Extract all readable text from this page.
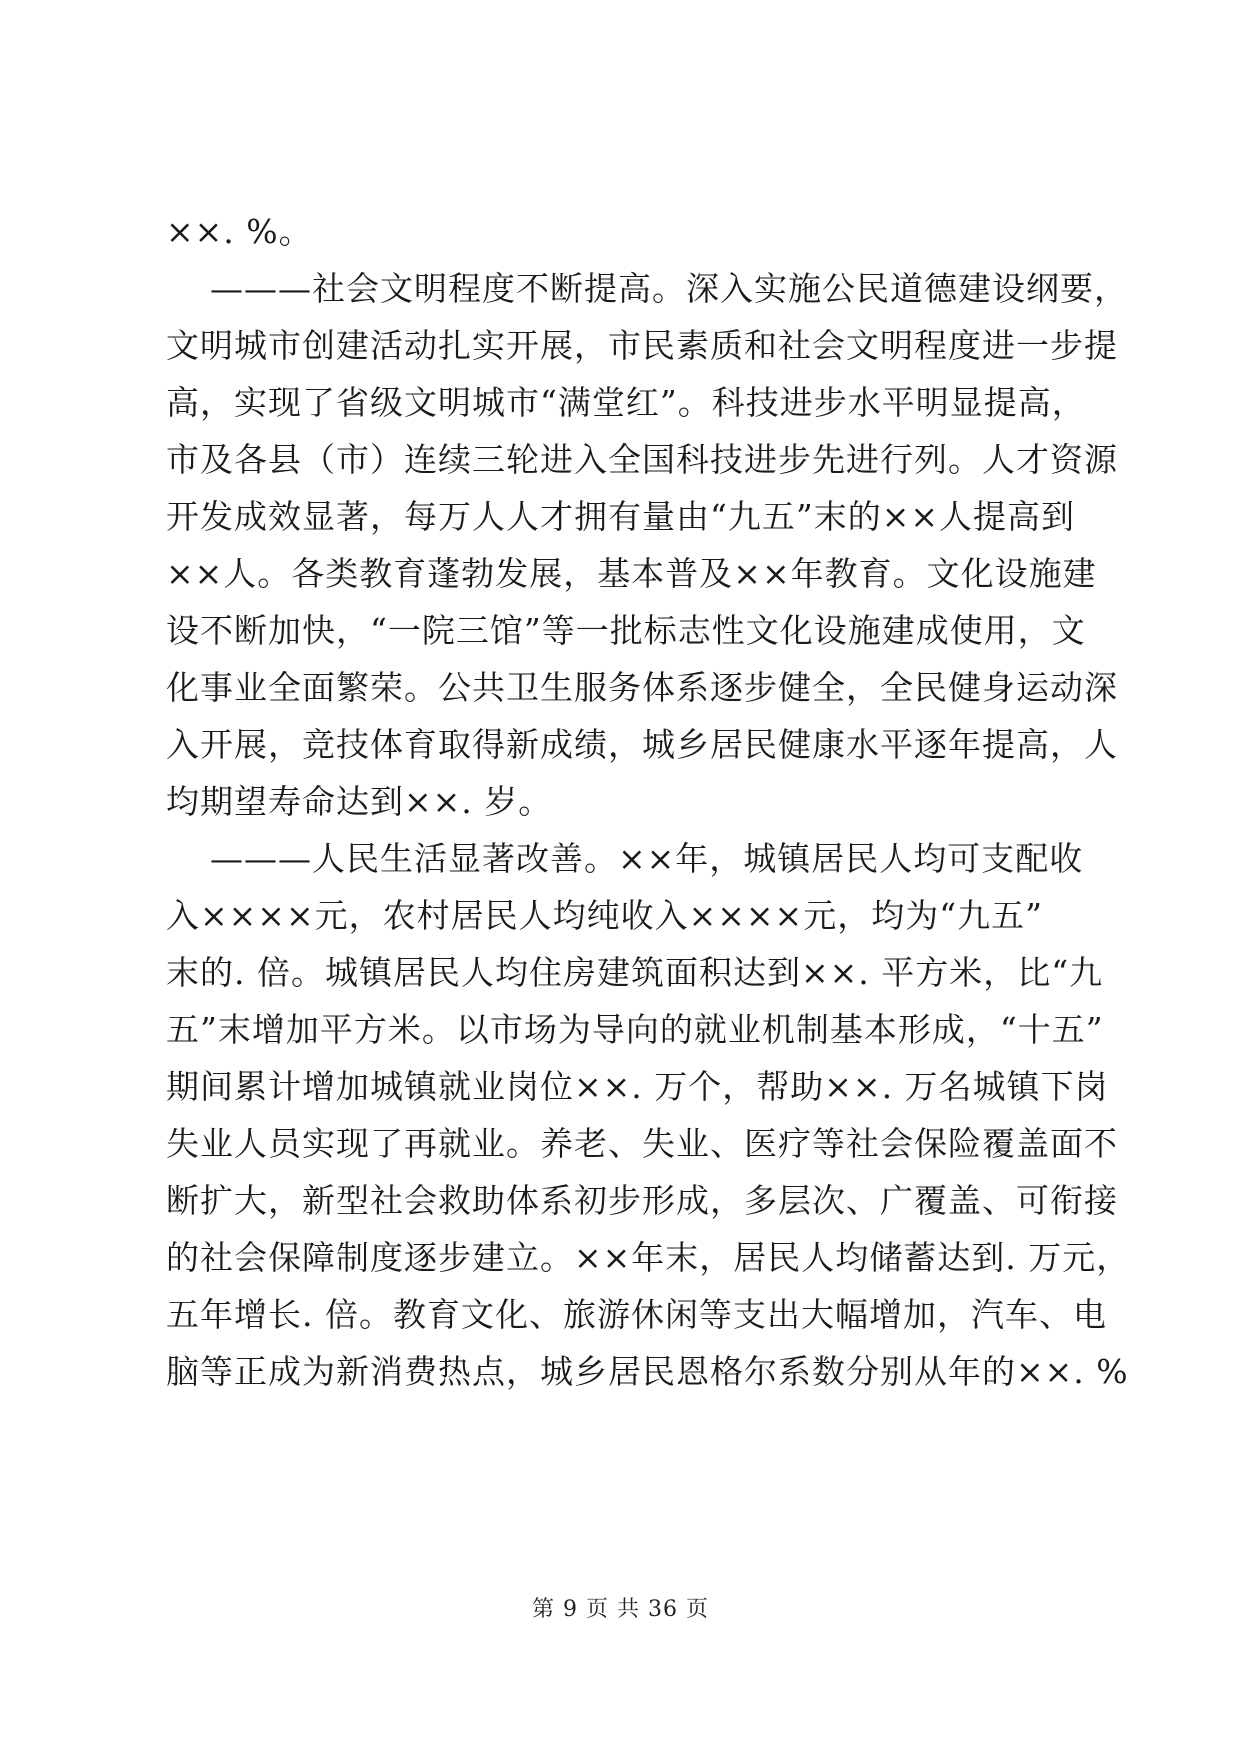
××. %。
———社会文明程度不断提高。深入实施公民道德建设纲要，
文明城市创建活动扎实开展，市民素质和社会文明程度进一步提
高，实现了省级文明城市“满堂红”。科技进步水平明显提高，
市及各县（市）连续三轮进入全国科技进步先进行列。人才资源
开发成效显著，每万人人才拥有量由“九五”末的××人提高到
××人。各类教育蓬勃发展，基本普及××年教育。文化设施建
设不断加快，“一院三馆”等一批标志性文化设施建成使用，文
化事业全面繁荣。公共卫生服务体系逐步健全，全民健身运动深
入开展，竞技体育取得新成绩，城乡居民健康水平逐年提高，人
均期望寿命达到××. 岁。
———人民生活显著改善。××年，城镇居民人均可支配收
入××××元，农村居民人均纯收入××××元，均为“九五”
末的. 倍。城镇居民人均住房建筑面积达到××. 平方米，比“九
五”末增加平方米。以市场为导向的就业机制基本形成，“十五”
期间累计增加城镇就业岗位××. 万个，帮助××. 万名城镇下岗
失业人员实现了再就业。养老、失业、医疗等社会保险覆盖面不
断扩大，新型社会救助体系初步形成，多层次、广覆盖、可衔接
的社会保障制度逐步建立。××年末，居民人均储蓄达到. 万元，
五年增长. 倍。教育文化、旅游休闲等支出大幅增加，汽车、电
脑等正成为新消费热点，城乡居民恩格尔系数分别从年的××. %
第 9 页 共 36 页
